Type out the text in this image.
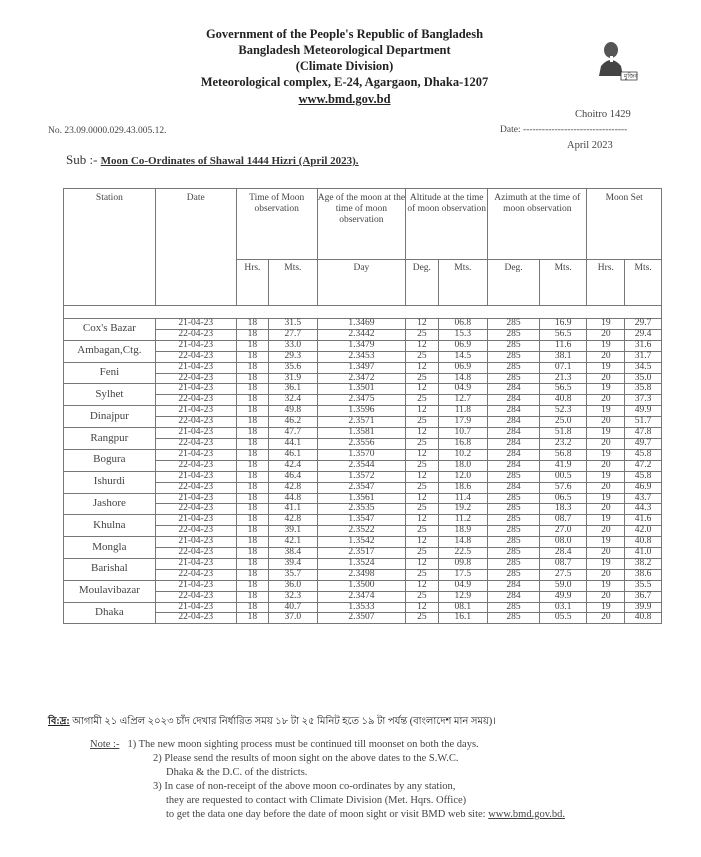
Government of the People's Republic of Bangladesh
Bangladesh Meteorological Department
(Climate Division)
Meteorological complex, E-24, Agargaon, Dhaka-1207
www.bmd.gov.bd
মুজিব
No. 23.09.0000.029.43.005.12.
Choitro 1429
Date: ---------------------------------
April 2023
Sub :- Moon Co-Ordinates of Shawal 1444 Hizri (April 2023).
Station	Date	Time of Moon observation		Age of the moon at the time of moon observation	Altitude at the time of moon observation		Azimuth at the time of moon observation		Moon Set	
		Hrs.	Mts.	Day	Deg.	Mts.	Deg.	Mts.	Hrs.	Mts.

Cox's Bazar	21-04-23	18	31.5	1.3469	12	06.8	285	16.9	19	29.7
	22-04-23	18	27.7	2.3442	25	15.3	285	56.5	20	29.4
Ambagan,Ctg.	21-04-23	18	33.0	1.3479	12	06.9	285	11.6	19	31.6
	22-04-23	18	29.3	2.3453	25	14.5	285	38.1	20	31.7
Feni	21-04-23	18	35.6	1.3497	12	06.9	285	07.1	19	34.5
	22-04-23	18	31.9	2.3472	25	14.8	285	21.3	20	35.0
Sylhet	21-04-23	18	36.1	1.3501	12	04.9	284	56.5	19	35.8
	22-04-23	18	32.4	2.3475	25	12.7	284	40.8	20	37.3
Dinajpur	21-04-23	18	49.8	1.3596	12	11.8	284	52.3	19	49.9
	22-04-23	18	46.2	2.3571	25	17.9	284	25.0	20	51.7
Rangpur	21-04-23	18	47.7	1.3581	12	10.7	284	51.8	19	47.8
	22-04-23	18	44.1	2.3556	25	16.8	284	23.2	20	49.7
Bogura	21-04-23	18	46.1	1.3570	12	10.2	284	56.8	19	45.8
	22-04-23	18	42.4	2.3544	25	18.0	284	41.9	20	47.2
Ishurdi	21-04-23	18	46.4	1.3572	12	12.0	285	00.5	19	45.8
	22-04-23	18	42.8	2.3547	25	18.6	284	57.6	20	46.9
Jashore	21-04-23	18	44.8	1.3561	12	11.4	285	06.5	19	43.7
	22-04-23	18	41.1	2.3535	25	19.2	285	18.3	20	44.3
Khulna	21-04-23	18	42.8	1.3547	12	11.2	285	08.7	19	41.6
	22-04-23	18	39.1	2.3522	25	18.9	285	27.0	20	42.0
Mongla	21-04-23	18	42.1	1.3542	12	14.8	285	08.0	19	40.8
	22-04-23	18	38.4	2.3517	25	22.5	285	28.4	20	41.0
Barishal	21-04-23	18	39.4	1.3524	12	09.8	285	08.7	19	38.2
	22-04-23	18	35.7	2.3498	25	17.5	285	27.5	20	38.6
Moulavibazar	21-04-23	18	36.0	1.3500	12	04.9	284	59.0	19	35.5
	22-04-23	18	32.3	2.3474	25	12.9	284	49.9	20	36.7
Dhaka	21-04-23	18	40.7	1.3533	12	08.1	285	03.1	19	39.9
	22-04-23	18	37.0	2.3507	25	16.1	285	05.5	20	40.8
বি:দ্র: আগামী ২১ এপ্রিল ২০২৩ চাঁদ দেখার নির্ধারিত সময় ১৮ টা ২৫ মিনিট হতে ১৯ টা পর্যন্ত (বাংলাদেশ মান সময়)।
Note :- 1) The new moon sighting process must be continued till moonset on both the days.
2) Please send the results of moon sight on the above dates to the S.W.C.
Dhaka & the D.C. of the districts.
3) In case of non-receipt of the above moon co-ordinates by any station,
they are requested to contact with Climate Division (Met. Hqrs. Office)
to get the data one day before the date of moon sight or visit BMD web site: www.bmd.gov.bd.
